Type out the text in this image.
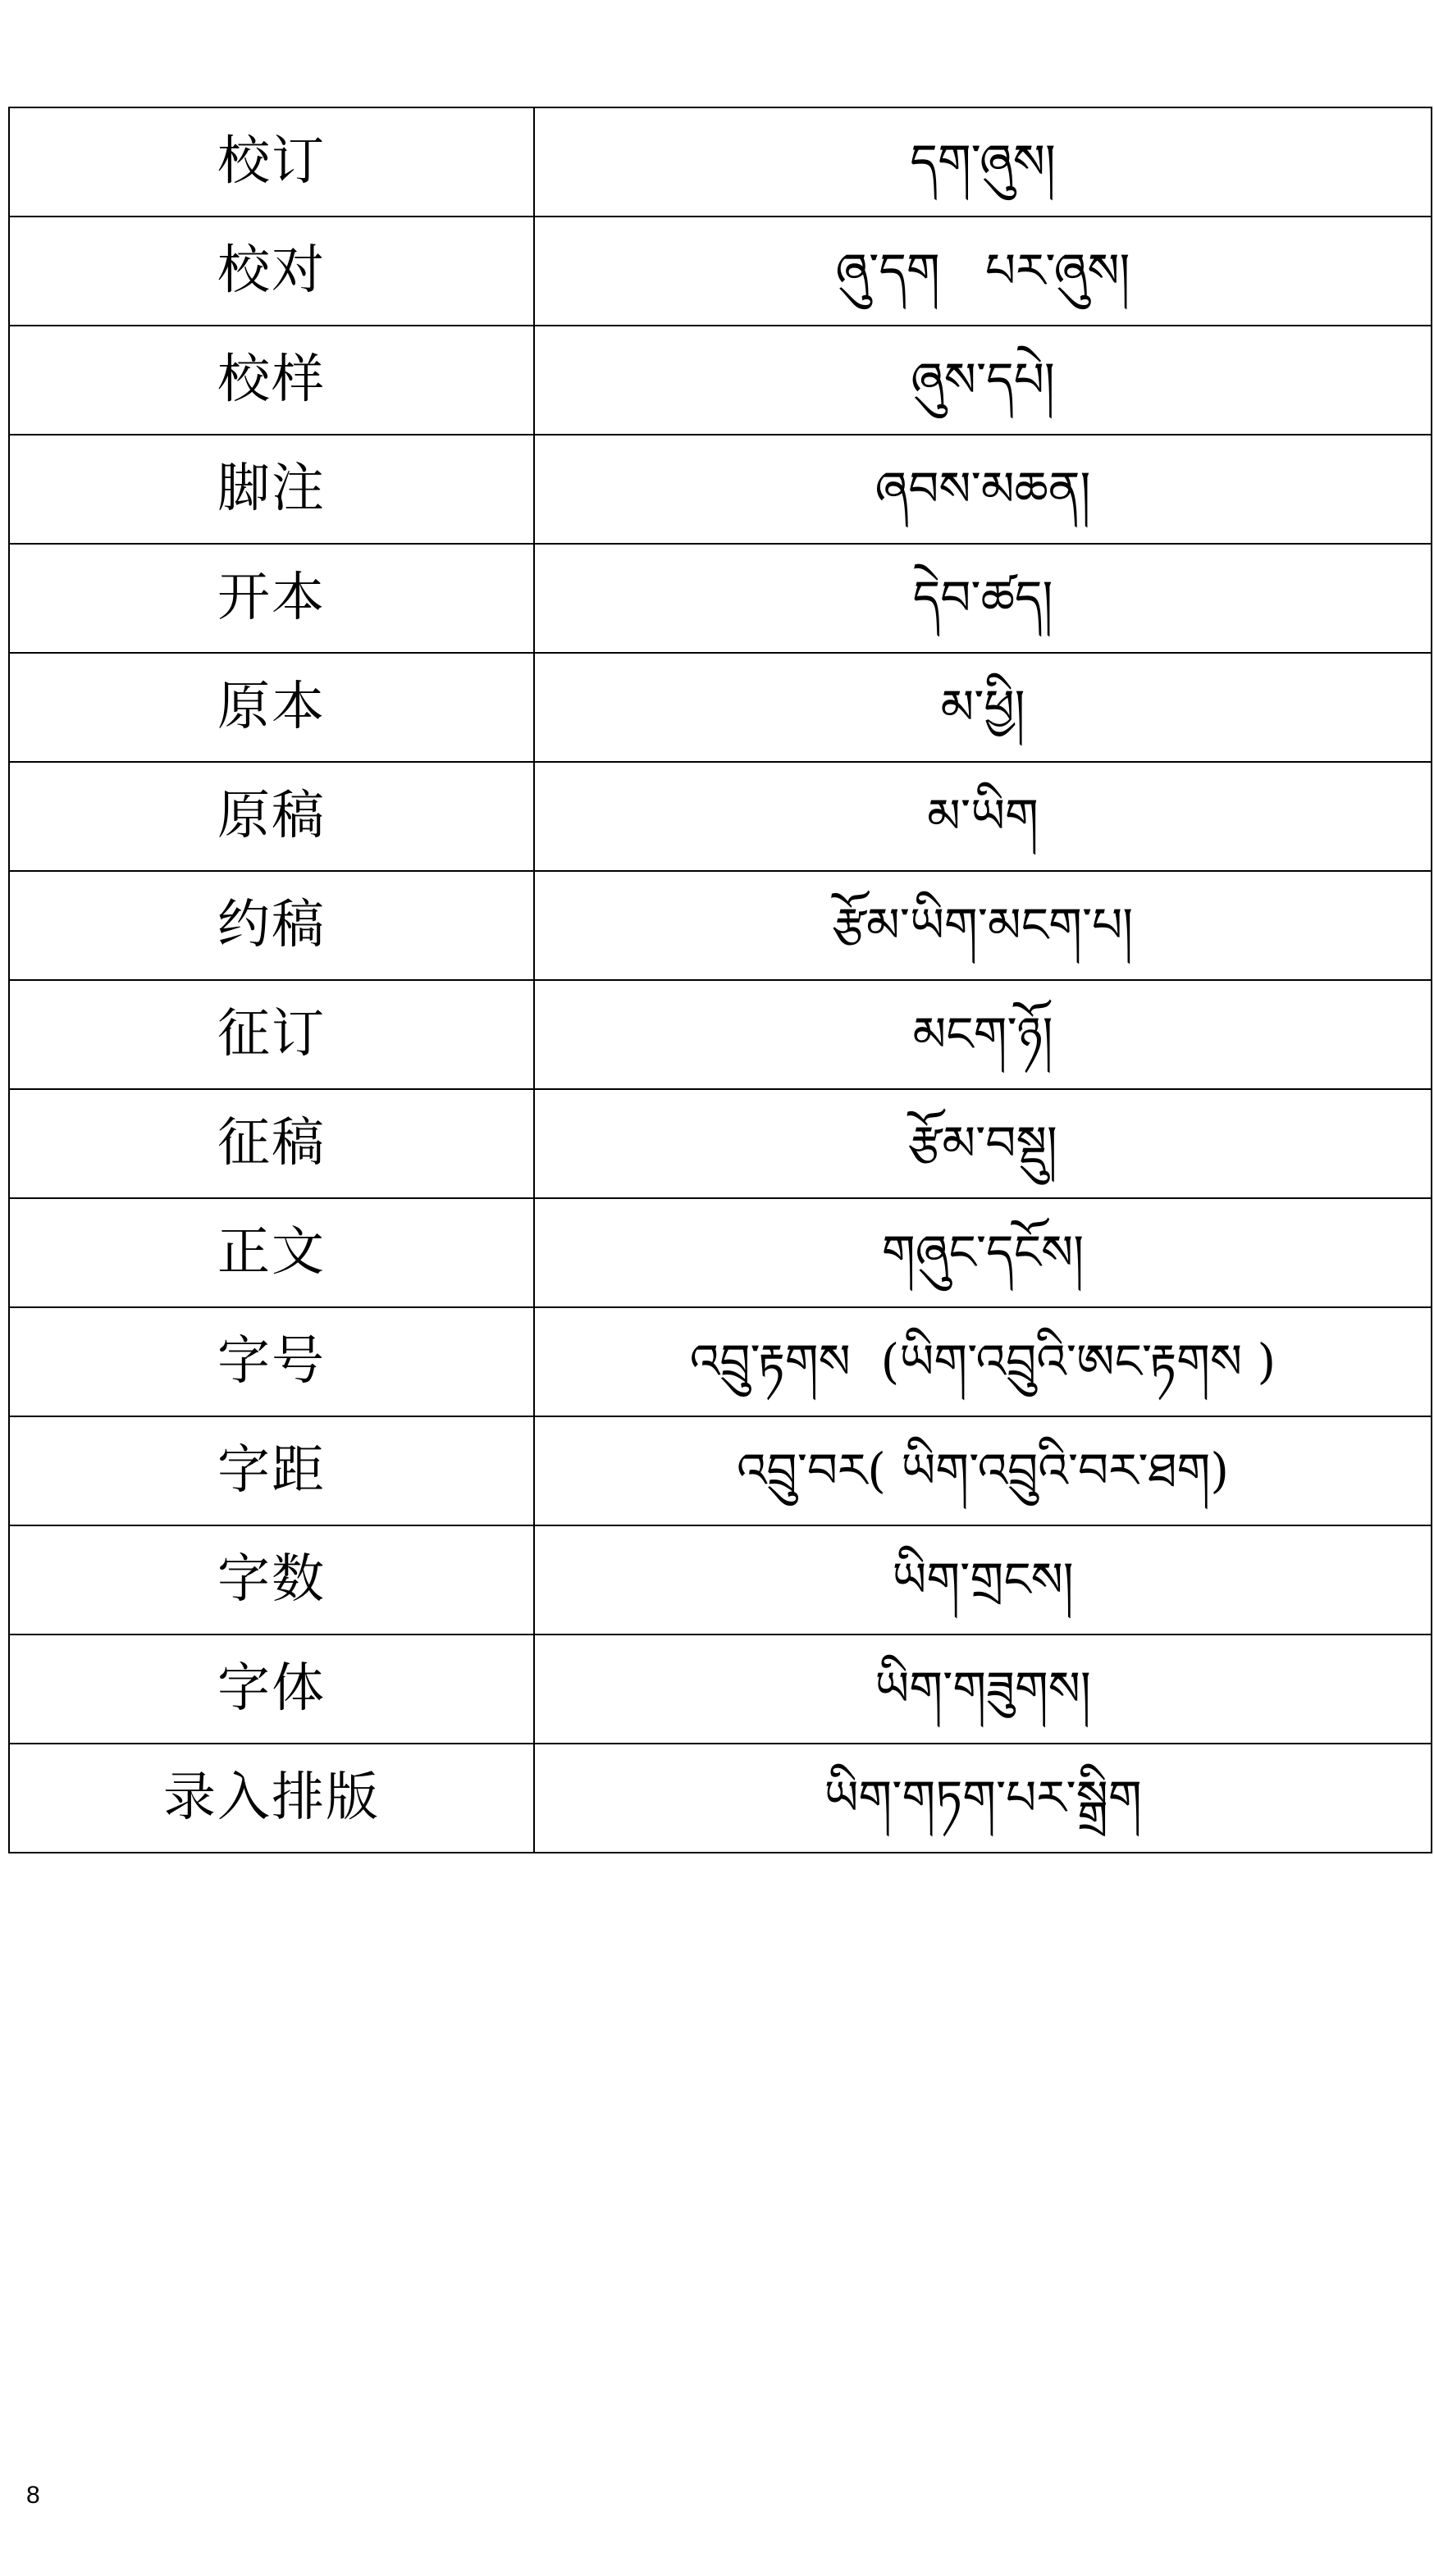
校订	དག་ཞུས།
校对	ཞུ་དག   པར་ཞུས།
校样	ཞུས་དཔེ།
脚注	ཞབས་མཆན།
开本	དེབ་ཚད།
原本	མ་ཕྱི།
原稿	མ་ཡིག
约稿	རྩོམ་ཡིག་མངག་པ།
征订	མངག་ཉོ།
征稿	རྩོམ་བསྡུ།
正文	གཞུང་དངོས།
字号	འབྲུ་རྟགས  (ཡིག་འབྲུའི་ཨང་རྟགས )
字距	འབྲུ་བར( ཡིག་འབྲུའི་བར་ཐག)
字数	ཡིག་གྲངས།
字体	ཡིག་གཟུགས།
录入排版	ཡིག་གཏག་པར་སྒྲིག
8
